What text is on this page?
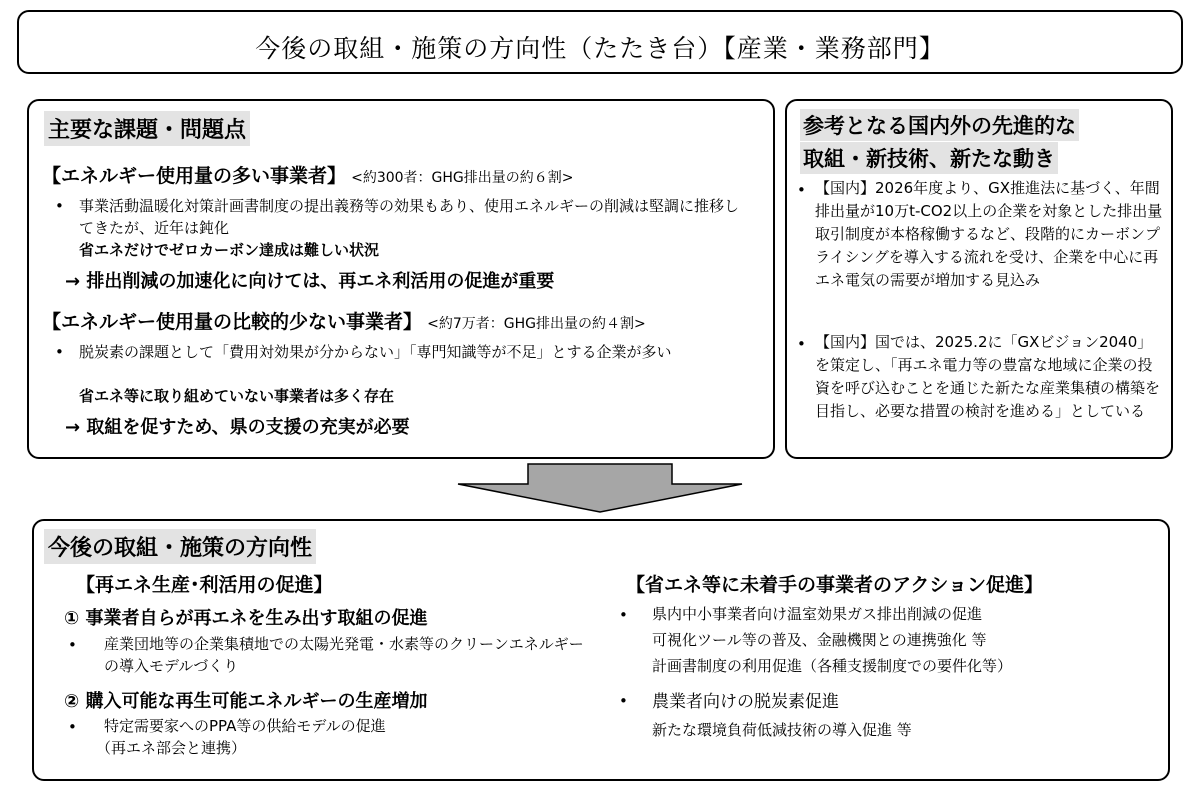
今後の取組・施策の方向性（たたき台）【産業・業務部門】
主要な課題・問題点
【エネルギー使用量の多い事業者】 <約300者：GHG排出量の約６割>
• 事業活動温暖化対策計画書制度の提出義務等の効果もあり、使用エネルギーの削減は堅調に推移してきたが、近年は鈍化
省エネだけでゼロカーボン達成は難しい状況
→ 排出削減の加速化に向けては、再エネ利活用の促進が重要
【エネルギー使用量の比較的少ない事業者】 <約7万者：GHG排出量の約４割>
• 脱炭素の課題として「費用対効果が分からない」「専門知識等が不足」とする企業が多い
省エネ等に取り組めていない事業者は多く存在
→ 取組を促すため、県の支援の充実が必要
参考となる国内外の先進的な
取組・新技術、新たな動き
• 【国内】2026年度より、GX推進法に基づく、年間排出量が10万t-CO2以上の企業を対象とした排出量取引制度が本格稼働するなど、段階的にカーボンプライシングを導入する流れを受け、企業を中心に再エネ電気の需要が増加する見込み
• 【国内】国では、2025.2に「GXビジョン2040」を策定し、「再エネ電力等の豊富な地域に企業の投資を呼び込むことを通じた新たな産業集積の構築を目指し、必要な措置の検討を進める」としている
今後の取組・施策の方向性
【再エネ生産･利活用の促進】
① 事業者自らが再エネを生み出す取組の促進
• 産業団地等の企業集積地での太陽光発電・水素等のクリーンエネルギーの導入モデルづくり
② 購入可能な再生可能エネルギーの生産増加
• 特定需要家へのPPA等の供給モデルの促進
（再エネ部会と連携）
【省エネ等に未着手の事業者のアクション促進】
• 県内中小事業者向け温室効果ガス排出削減の促進
可視化ツール等の普及、金融機関との連携強化 等
計画書制度の利用促進（各種支援制度での要件化等）
• 農業者向けの脱炭素促進
新たな環境負荷低減技術の導入促進 等
